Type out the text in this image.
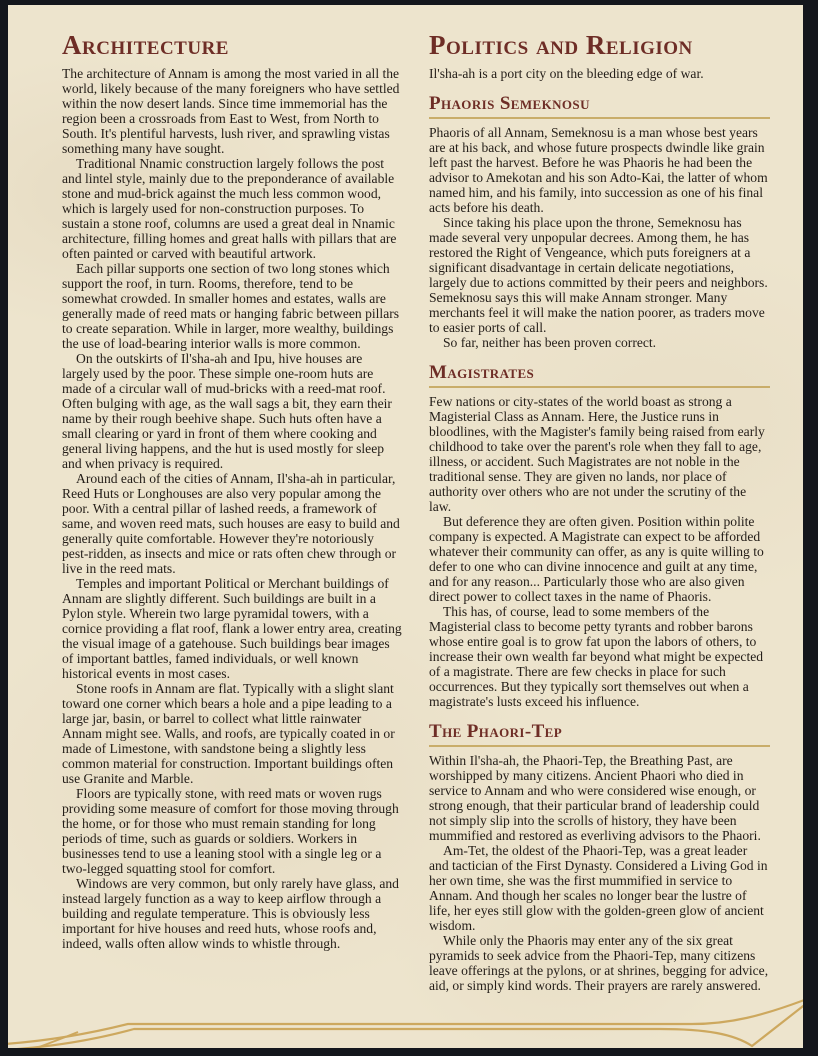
Architecture

The architecture of Annam is among the most varied in all the world, likely because of the many foreigners who have settled within the now desert lands. Since time immemorial has the region been a crossroads from East to West, from North to South. It's plentiful harvests, lush river, and sprawling vistas something many have sought.

Traditional Nnamic construction largely follows the post and lintel style, mainly due to the preponderance of available stone and mud-brick against the much less common wood, which is largely used for non-construction purposes. To sustain a stone roof, columns are used a great deal in Nnamic architecture, filling homes and great halls with pillars that are often painted or carved with beautiful artwork.

Each pillar supports one section of two long stones which support the roof, in turn. Rooms, therefore, tend to be somewhat crowded. In smaller homes and estates, walls are generally made of reed mats or hanging fabric between pillars to create separation. While in larger, more wealthy, buildings the use of load-bearing interior walls is more common.

On the outskirts of Il'sha-ah and Ipu, hive houses are largely used by the poor. These simple one-room huts are made of a circular wall of mud-bricks with a reed-mat roof. Often bulging with age, as the wall sags a bit, they earn their name by their rough beehive shape. Such huts often have a small clearing or yard in front of them where cooking and general living happens, and the hut is used mostly for sleep and when privacy is required.

Around each of the cities of Annam, Il'sha-ah in particular, Reed Huts or Longhouses are also very popular among the poor. With a central pillar of lashed reeds, a framework of same, and woven reed mats, such houses are easy to build and generally quite comfortable. However they're notoriously pest-ridden, as insects and mice or rats often chew through or live in the reed mats.

Temples and important Political or Merchant buildings of Annam are slightly different. Such buildings are built in a Pylon style. Wherein two large pyramidal towers, with a cornice providing a flat roof, flank a lower entry area, creating the visual image of a gatehouse. Such buildings bear images of important battles, famed individuals, or well known historical events in most cases.

Stone roofs in Annam are flat. Typically with a slight slant toward one corner which bears a hole and a pipe leading to a large jar, basin, or barrel to collect what little rainwater Annam might see. Walls, and roofs, are typically coated in or made of Limestone, with sandstone being a slightly less common material for construction. Important buildings often use Granite and Marble.

Floors are typically stone, with reed mats or woven rugs providing some measure of comfort for those moving through the home, or for those who must remain standing for long periods of time, such as guards or soldiers. Workers in businesses tend to use a leaning stool with a single leg or a two-legged squatting stool for comfort.

Windows are very common, but only rarely have glass, and instead largely function as a way to keep airflow through a building and regulate temperature. This is obviously less important for hive houses and reed huts, whose roofs and, indeed, walls often allow winds to whistle through.

Politics and Religion

Il'sha-ah is a port city on the bleeding edge of war.

Phaoris Semeknosu

Phaoris of all Annam, Semeknosu is a man whose best years are at his back, and whose future prospects dwindle like grain left past the harvest. Before he was Phaoris he had been the advisor to Amekotan and his son Adto-Kai, the latter of whom named him, and his family, into succession as one of his final acts before his death.

Since taking his place upon the throne, Semeknosu has made several very unpopular decrees. Among them, he has restored the Right of Vengeance, which puts foreigners at a significant disadvantage in certain delicate negotiations, largely due to actions committed by their peers and neighbors. Semeknosu says this will make Annam stronger. Many merchants feel it will make the nation poorer, as traders move to easier ports of call.

So far, neither has been proven correct.

Magistrates

Few nations or city-states of the world boast as strong a Magisterial Class as Annam. Here, the Justice runs in bloodlines, with the Magister's family being raised from early childhood to take over the parent's role when they fall to age, illness, or accident. Such Magistrates are not noble in the traditional sense. They are given no lands, nor place of authority over others who are not under the scrutiny of the law.

But deference they are often given. Position within polite company is expected. A Magistrate can expect to be afforded whatever their community can offer, as any is quite willing to defer to one who can divine innocence and guilt at any time, and for any reason... Particularly those who are also given direct power to collect taxes in the name of Phaoris.

This has, of course, lead to some members of the Magisterial class to become petty tyrants and robber barons whose entire goal is to grow fat upon the labors of others, to increase their own wealth far beyond what might be expected of a magistrate. There are few checks in place for such occurrences. But they typically sort themselves out when a magistrate's lusts exceed his influence.

The Phaori-Tep

Within Il'sha-ah, the Phaori-Tep, the Breathing Past, are worshipped by many citizens. Ancient Phaori who died in service to Annam and who were considered wise enough, or strong enough, that their particular brand of leadership could not simply slip into the scrolls of history, they have been mummified and restored as everliving advisors to the Phaori.

Am-Tet, the oldest of the Phaori-Tep, was a great leader and tactician of the First Dynasty. Considered a Living God in her own time, she was the first mummified in service to Annam. And though her scales no longer bear the lustre of life, her eyes still glow with the golden-green glow of ancient wisdom.

While only the Phaoris may enter any of the six great pyramids to seek advice from the Phaori-Tep, many citizens leave offerings at the pylons, or at shrines, begging for advice, aid, or simply kind words. Their prayers are rarely answered.
